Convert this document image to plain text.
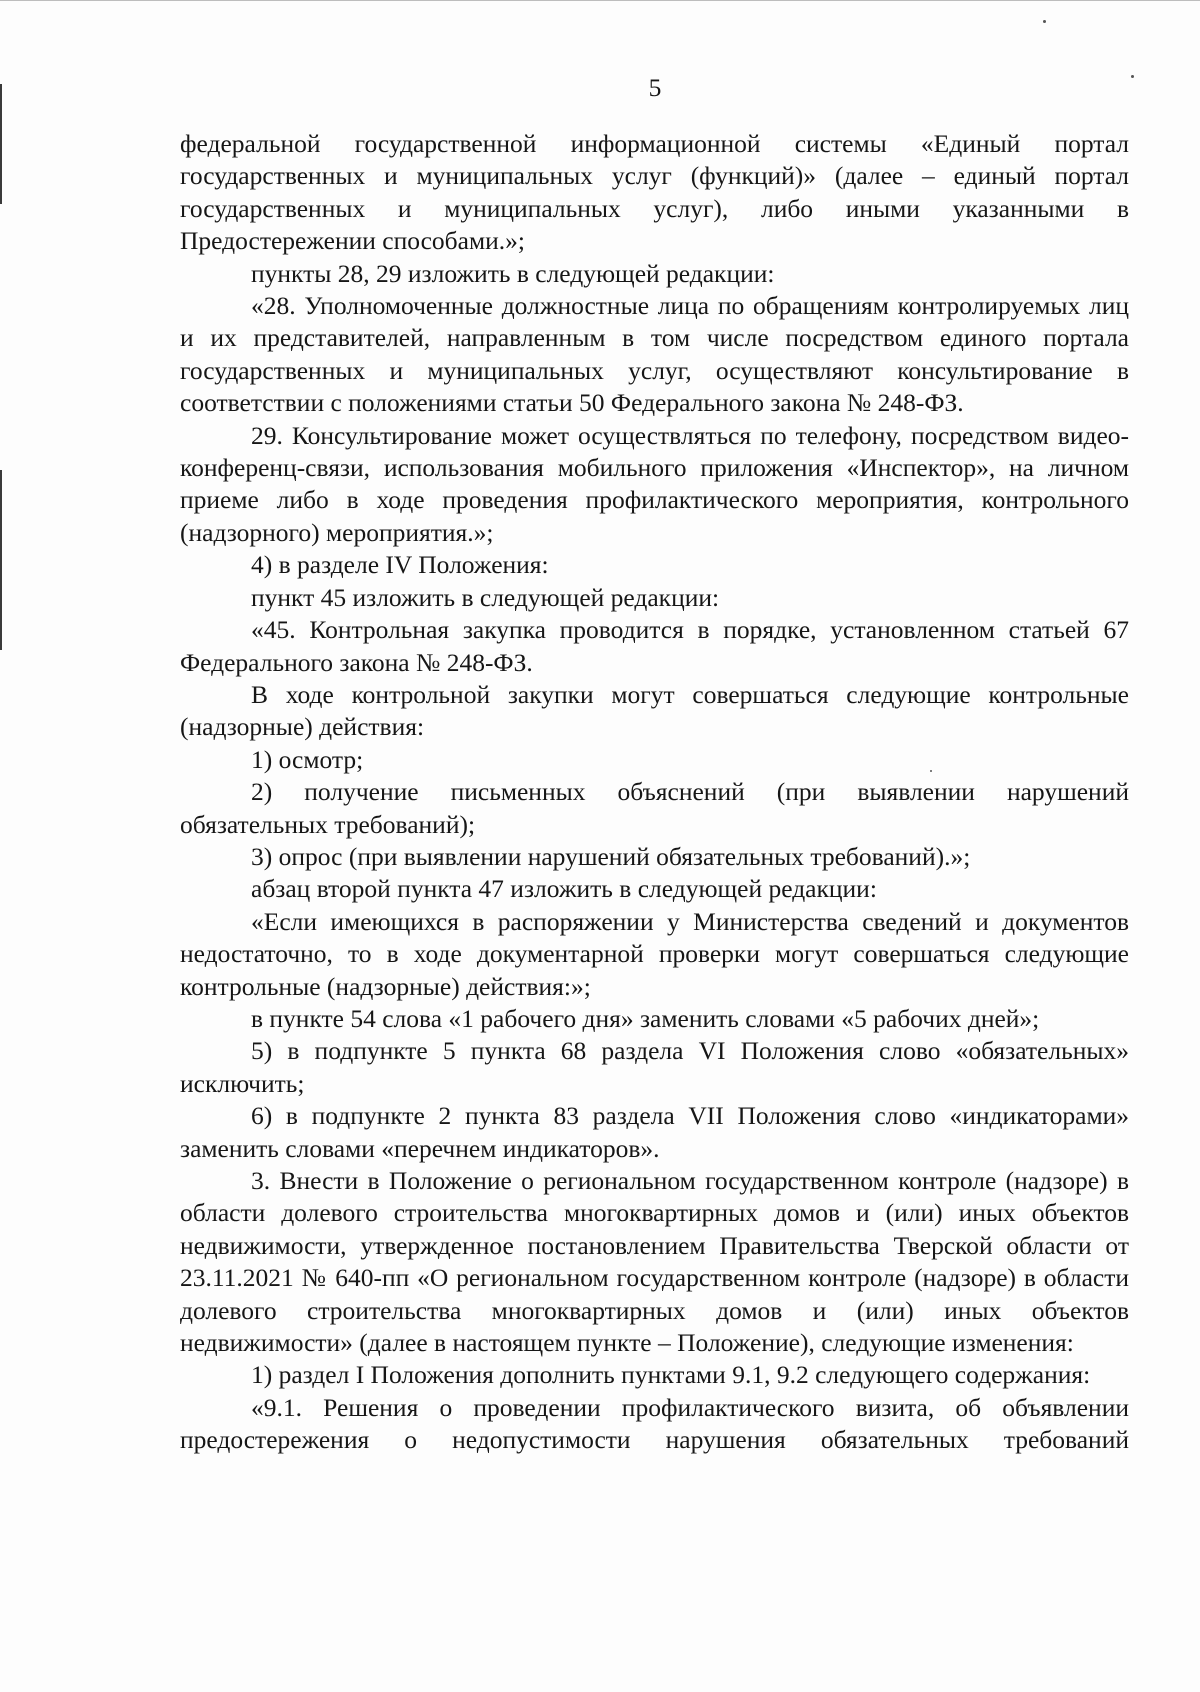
5

федеральной государственной информационной системы «Единый портал государственных и муниципальных услуг (функций)» (далее – единый портал государственных и муниципальных услуг), либо иными указанными в Предостережении способами.»;

пункты 28, 29 изложить в следующей редакции:

«28. Уполномоченные должностные лица по обращениям контролируемых лиц и их представителей, направленным в том числе посредством единого портала государственных и муниципальных услуг, осуществляют консультирование в соответствии с положениями статьи 50 Федерального закона № 248-ФЗ.

29. Консультирование может осуществляться по телефону, посредством видео-конференц-связи, использования мобильного приложения «Инспектор», на личном приеме либо в ходе проведения профилактического мероприятия, контрольного (надзорного) мероприятия.»;

4) в разделе IV Положения:

пункт 45 изложить в следующей редакции:

«45. Контрольная закупка проводится в порядке, установленном статьей 67 Федерального закона № 248-ФЗ.

В ходе контрольной закупки могут совершаться следующие контрольные (надзорные) действия:

1) осмотр;

2) получение письменных объяснений (при выявлении нарушений обязательных требований);

3) опрос (при выявлении нарушений обязательных требований).»;

абзац второй пункта 47 изложить в следующей редакции:

«Если имеющихся в распоряжении у Министерства сведений и документов недостаточно, то в ходе документарной проверки могут совершаться следующие контрольные (надзорные) действия:»;

в пункте 54 слова «1 рабочего дня» заменить словами «5 рабочих дней»;

5) в подпункте 5 пункта 68 раздела VI Положения слово «обязательных» исключить;

6) в подпункте 2 пункта 83 раздела VII Положения слово «индикаторами» заменить словами «перечнем индикаторов».

3. Внести в Положение о региональном государственном контроле (надзоре) в области долевого строительства многоквартирных домов и (или) иных объектов недвижимости, утвержденное постановлением Правительства Тверской области от 23.11.2021 № 640-пп «О региональном государственном контроле (надзоре) в области долевого строительства многоквартирных домов и (или) иных объектов недвижимости» (далее в настоящем пункте – Положение), следующие изменения:

1) раздел I Положения дополнить пунктами 9.1, 9.2 следующего содержания:

«9.1. Решения о проведении профилактического визита, об объявлении предостережения о недопустимости нарушения обязательных требований
